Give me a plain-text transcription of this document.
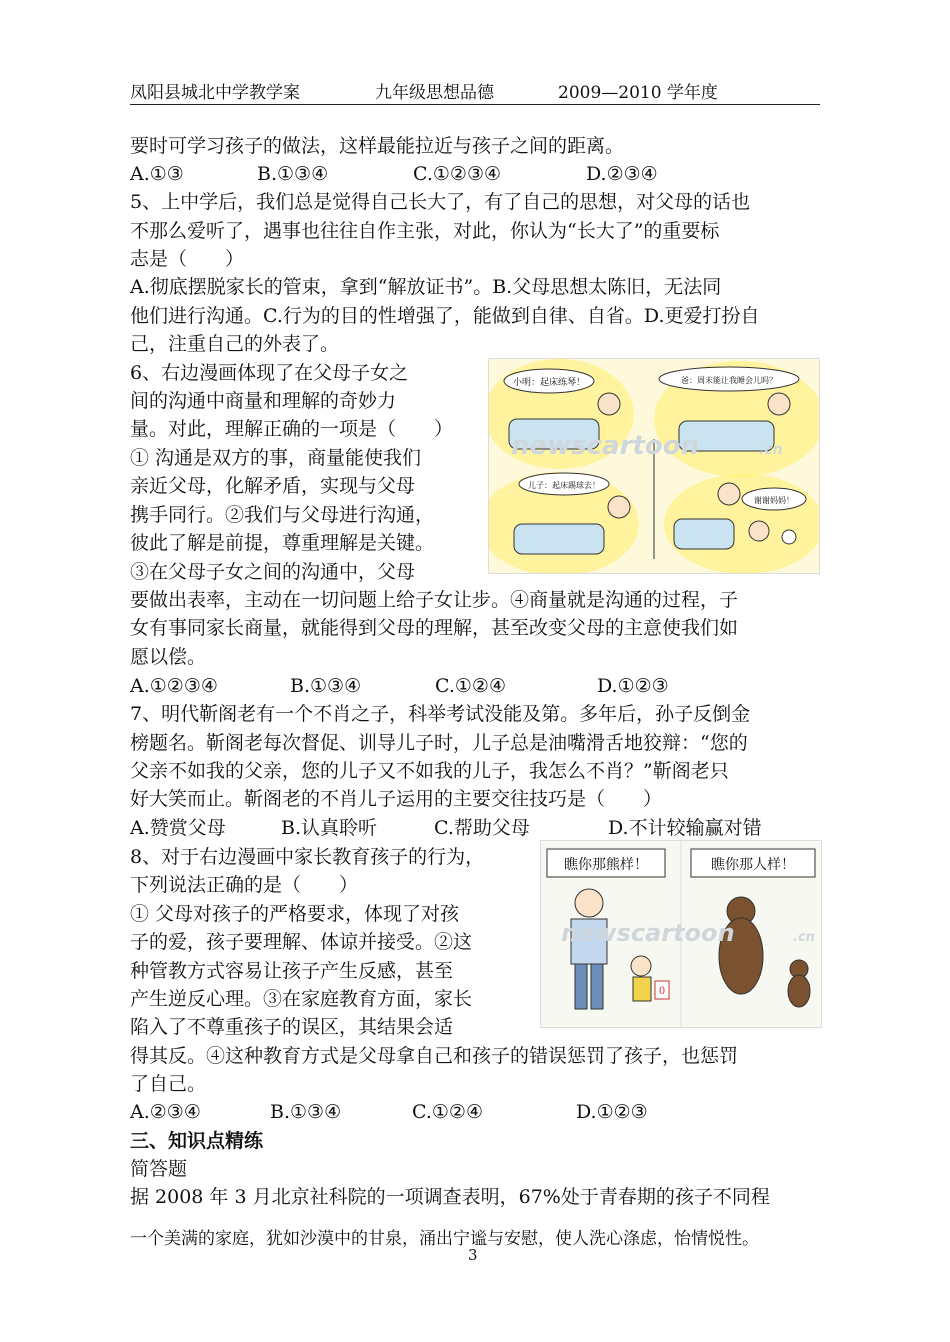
凤阳县城北中学教学案	九年级思想品德	2009—2010 学年度
要时可学习孩子的做法，这样最能拉近与孩子之间的距离。
A.①③	B.①③④	C.①②③④	D.②③④
5、上中学后，我们总是觉得自己长大了，有了自己的思想，对父母的话也
不那么爱听了，遇事也往往自作主张，对此，你认为“长大了”的重要标
志是（　　）
A.彻底摆脱家长的管束，拿到“解放证书”。B.父母思想太陈旧，无法同
他们进行沟通。C.行为的目的性增强了，能做到自律、自省。D.更爱打扮自
己，注重自己的外表了。
6、右边漫画体现了在父母子女之
间的沟通中商量和理解的奇妙力
量。对此，理解正确的一项是（　　）
① 沟通是双方的事，商量能使我们
亲近父母，化解矛盾，实现与父母
携手同行。②我们与父母进行沟通，
彼此了解是前提，尊重理解是关键。
③在父母子女之间的沟通中，父母
要做出表率，主动在一切问题上给子女让步。④商量就是沟通的过程，子
女有事同家长商量，就能得到父母的理解，甚至改变父母的主意使我们如
愿以偿。
A.①②③④	B.①③④	C.①②④	D.①②③
7、明代靳阁老有一个不肖之子，科举考试没能及第。多年后，孙子反倒金
榜题名。靳阁老每次督促、训导儿子时，儿子总是油嘴滑舌地狡辩：“您的
父亲不如我的父亲，您的儿子又不如我的儿子，我怎么不肖？”靳阁老只
好大笑而止。靳阁老的不肖儿子运用的主要交往技巧是（　　）
A.赞赏父母	B.认真聆听	C.帮助父母	D.不计较输赢对错
8、对于右边漫画中家长教育孩子的行为，
下列说法正确的是（　　）
① 父母对孩子的严格要求，体现了对孩
子的爱，孩子要理解、体谅并接受。②这
种管教方式容易让孩子产生反感，甚至
产生逆反心理。③在家庭教育方面，家长
陷入了不尊重孩子的误区，其结果会适
得其反。④这种教育方式是父母拿自己和孩子的错误惩罚了孩子，也惩罚
了自己。
A.②③④	B.①③④	C.①②④	D.①②③
三、知识点精练
简答题
据 2008 年 3 月北京社科院的一项调查表明，67%处于青春期的孩子不同程
一个美满的家庭，犹如沙漠中的甘泉，涌出宁谧与安慰，使人洗心涤虑，怡情悦性。
3
小明：起床练琴！	爸：周末能让我睡会儿吗？
儿子：起床踢球去！
谢谢妈妈！
newscartoon	.cn
瞧你那熊样！	瞧你那人样！
0
newscartoon	.cn
